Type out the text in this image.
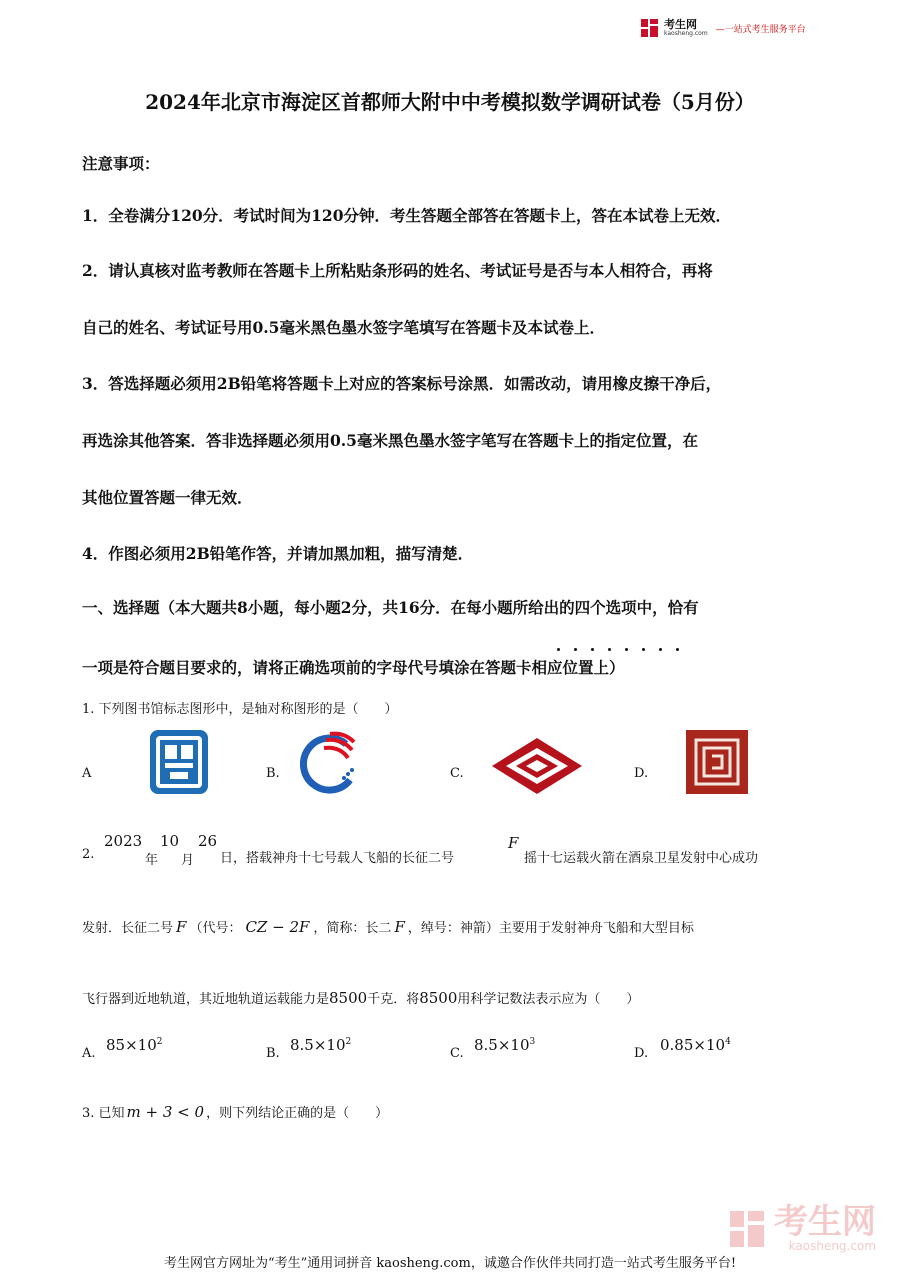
考生网
kaosheng.com —一站式考生服务平台
2024年北京市海淀区首都师大附中中考模拟数学调研试卷（5月份）
注意事项：
1．全卷满分120分．考试时间为120分钟．考生答题全部答在答题卡上，答在本试卷上无效．
2．请认真核对监考教师在答题卡上所粘贴条形码的姓名、考试证号是否与本人相符合，再将
自己的姓名、考试证号用0.5毫米黑色墨水签字笔填写在答题卡及本试卷上．
3．答选择题必须用2B铅笔将答题卡上对应的答案标号涂黑．如需改动，请用橡皮擦干净后，
再选涂其他答案．答非选择题必须用0.5毫米黑色墨水签字笔写在答题卡上的指定位置，在
其他位置答题一律无效．
4．作图必须用2B铅笔作答，并请加黑加粗，描写清楚．
一、选择题（本大题共8小题，每小题2分，共16分．在每小题所给出的四个选项中，恰有
一项是符合题目要求的，请将正确选项前的字母代号填涂在答题卡相应位置上）
1. 下列图书馆标志图形中，是轴对称图形的是（　　）
A	B.	C.	D.
2.
2023
年
10
月
26
日，搭载神舟十七号载人飞船的长征二号
F
摇十七运载火箭在酒泉卫星发射中心成功
发射．长征二号 F （代号： CZ − 2F ，简称：长二 F ，绰号：神箭）主要用于发射神舟飞船和大型目标
飞行器到近地轨道，其近地轨道运载能力是 8500 千克．将 8500 用科学记数法表示应为（　　）
A. $85\times 10^2$
B. $8.5\times 10^2$
C. $8.5\times 10^3$
D. $0.85\times 10^4$
3. 已知 m + 3 < 0 ，则下列结论正确的是（　　）
考生网
kaosheng.com
考生网官方网址为“考生”通用词拼音 kaosheng.com，诚邀合作伙伴共同打造一站式考生服务平台!
